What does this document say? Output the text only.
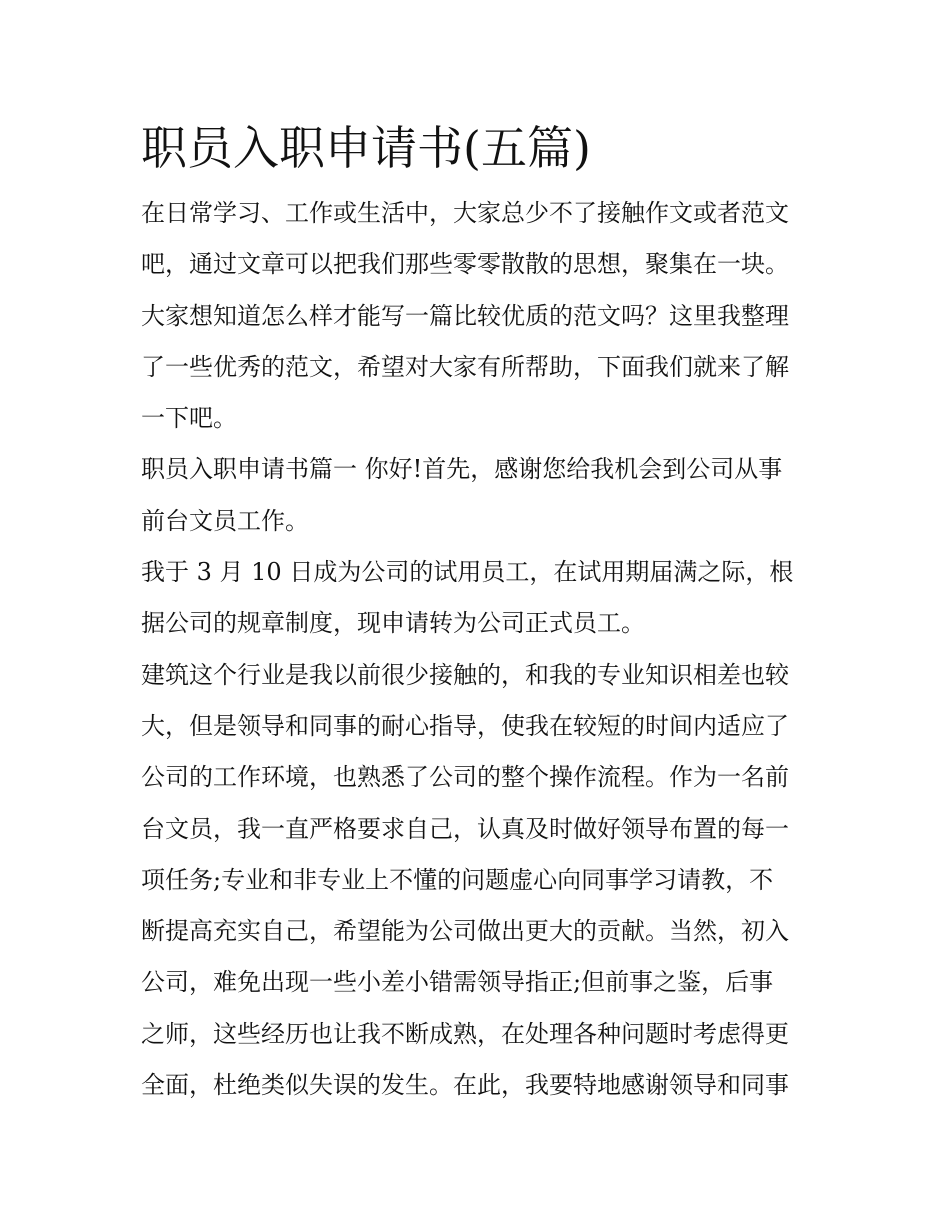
职员入职申请书(五篇)
在日常学习、工作或生活中，大家总少不了接触作文或者范文
吧，通过文章可以把我们那些零零散散的思想，聚集在一块。
大家想知道怎么样才能写一篇比较优质的范文吗？这里我整理
了一些优秀的范文，希望对大家有所帮助，下面我们就来了解
一下吧。
职员入职申请书篇一 你好!首先，感谢您给我机会到公司从事
前台文员工作。
我于 3 月 10 日成为公司的试用员工，在试用期届满之际，根
据公司的规章制度，现申请转为公司正式员工。
建筑这个行业是我以前很少接触的，和我的专业知识相差也较
大，但是领导和同事的耐心指导，使我在较短的时间内适应了
公司的工作环境，也熟悉了公司的整个操作流程。作为一名前
台文员，我一直严格要求自己，认真及时做好领导布置的每一
项任务;专业和非专业上不懂的问题虚心向同事学习请教，不
断提高充实自己，希望能为公司做出更大的贡献。当然，初入
公司，难免出现一些小差小错需领导指正;但前事之鉴，后事
之师，这些经历也让我不断成熟，在处理各种问题时考虑得更
全面，杜绝类似失误的发生。在此，我要特地感谢领导和同事
